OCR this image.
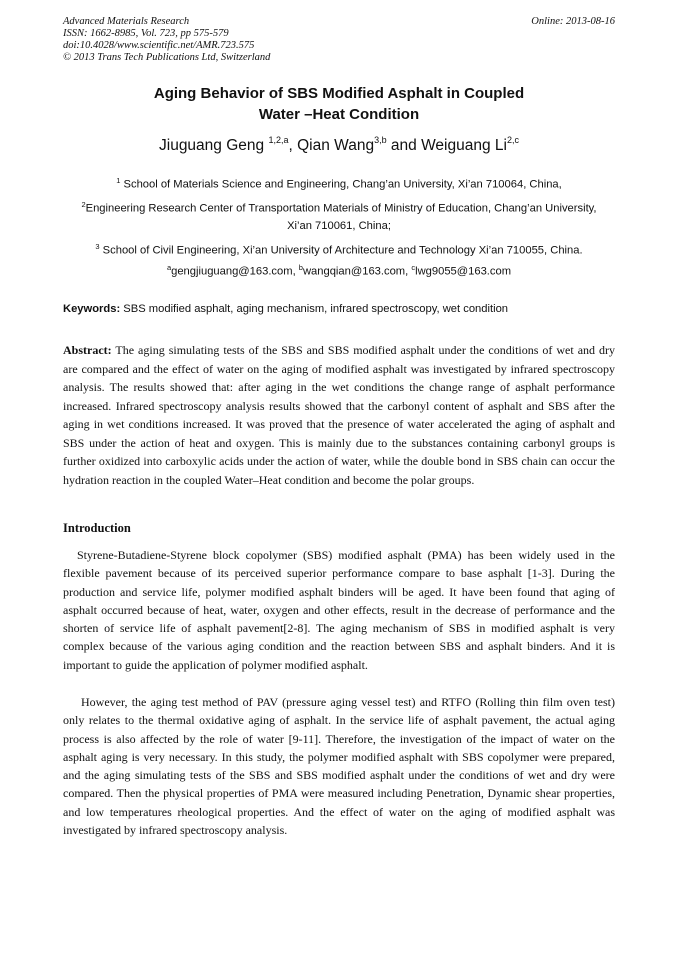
Advanced Materials Research
ISSN: 1662-8985, Vol. 723, pp 575-579
doi:10.4028/www.scientific.net/AMR.723.575
© 2013 Trans Tech Publications Ltd, Switzerland
Online: 2013-08-16
Aging Behavior of SBS Modified Asphalt in Coupled
Water –Heat Condition
Jiuguang Geng $^{1,2,a}$, Qian Wang$^{3,b}$ and Weiguang Li$^{2,c}$
$^1$ School of Materials Science and Engineering, Chang’an University, Xi’an 710064, China,
$^2$Engineering Research Center of Transportation Materials of Ministry of Education, Chang’an University, Xi’an 710061, China;
$^3$ School of Civil Engineering, Xi’an University of Architecture and Technology Xi’an 710055, China.
$^a$gengjiuguang@163.com, $^b$wangqian@163.com, $^c$lwg9055@163.com
Keywords: SBS modified asphalt, aging mechanism, infrared spectroscopy, wet condition
Abstract: The aging simulating tests of the SBS and SBS modified asphalt under the conditions of wet and dry are compared and the effect of water on the aging of modified asphalt was investigated by infrared spectroscopy analysis. The results showed that: after aging in the wet conditions the change range of asphalt performance increased. Infrared spectroscopy analysis results showed that the carbonyl content of asphalt and SBS after the aging in wet conditions increased. It was proved that the presence of water accelerated the aging of asphalt and SBS under the action of heat and oxygen. This is mainly due to the substances containing carbonyl groups is further oxidized into carboxylic acids under the action of water, while the double bond in SBS chain can occur the hydration reaction in the coupled Water–Heat condition and become the polar groups.
Introduction

Styrene-Butadiene-Styrene block copolymer (SBS) modified asphalt (PMA) has been widely used in the flexible pavement because of its perceived superior performance compare to base asphalt [1-3]. During the production and service life, polymer modified asphalt binders will be aged. It have been found that aging of asphalt occurred because of heat, water, oxygen and other effects, result in the decrease of performance and the shorten of service life of asphalt pavement[2-8]. The aging mechanism of SBS in modified asphalt is very complex because of the various aging condition and the reaction between SBS and asphalt binders. And it is important to guide the application of polymer modified asphalt.

However, the aging test method of PAV (pressure aging vessel test) and RTFO (Rolling thin film oven test) only relates to the thermal oxidative aging of asphalt. In the service life of asphalt pavement, the actual aging process is also affected by the role of water [9-11]. Therefore, the investigation of the impact of water on the asphalt aging is very necessary. In this study, the polymer modified asphalt with SBS copolymer were prepared, and the aging simulating tests of the SBS and SBS modified asphalt under the conditions of wet and dry were compared. Then the physical properties of PMA were measured including Penetration, Dynamic shear properties, and low temperatures rheological properties. And the effect of water on the aging of modified asphalt was investigated by infrared spectroscopy analysis.
